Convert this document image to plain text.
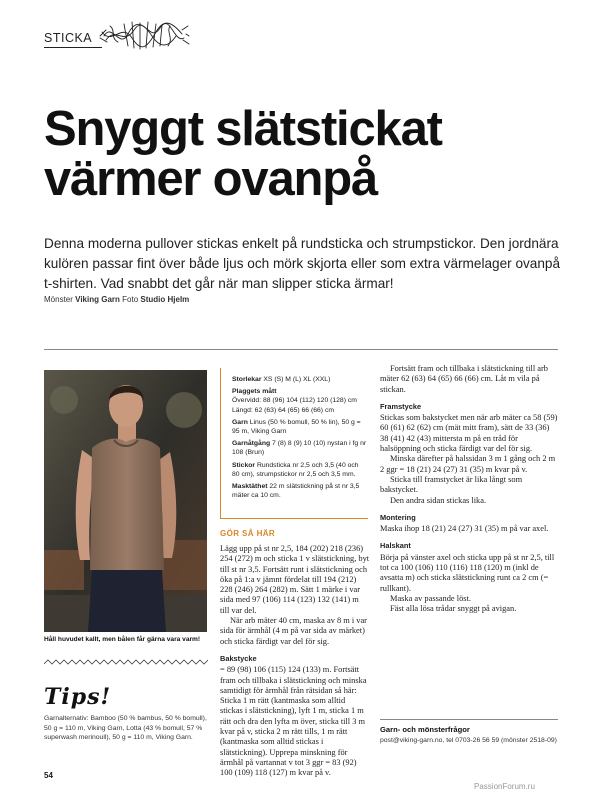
STICKA
Snyggt slätstickat
värmer ovanpå
Denna moderna pullover stickas enkelt på rundsticka och strumpstickor. Den jordnära kulören passar fint över både ljus och mörk skjorta eller som extra värmelager ovanpå t-shirten. Vad snabbt det går när man slipper sticka ärmar!
Mönster Viking Garn Foto Studio Hjelm
Håll huvudet kallt, men bålen får gärna vara varm!
Tips!
Garnalternativ: Bamboo (50 % bambus, 50 % bomull), 50 g = 110 m, Viking Garn, Lotta (43 % bomull, 57 % superwash merinoull), 50 g = 110 m, Viking Garn.
54
Storlekar XS (S) M (L) XL (XXL)
Plaggets mått
Övervidd: 88 (96) 104 (112) 120 (128) cm
Längd: 62 (63) 64 (65) 66 (66) cm
Garn Linus (50 % bomull, 50 % lin), 50 g = 95 m, Viking Garn
Garnåtgång 7 (8) 8 (9) 10 (10) nystan i fg nr 108 (Brun)
Stickor Rundsticka nr 2,5 och 3,5 (40 och 80 cm), strumpstickor nr 2,5 och 3,5 mm.
Masktäthet 22 m slätstickning på st nr 3,5 mäter ca 10 cm.
GÖR SÅ HÄR

Lägg upp på st nr 2,5, 184 (202) 218 (236) 254 (272) m och sticka 1 v slätstickning, byt till st nr 3,5. Fortsätt runt i slätstickning och öka på 1:a v jämnt fördelat till 194 (212) 228 (246) 264 (282) m. Sätt 1 märke i var sida med 97 (106) 114 (123) 132 (141) m till var del.

När arb mäter 40 cm, maska av 8 m i var sida för ärmhål (4 m på var sida av märket) och sticka färdigt var del för sig.

Bakstycke

= 89 (98) 106 (115) 124 (133) m. Fortsätt fram och tillbaka i slätstickning och minska samtidigt för ärmhål från rätsidan så här: Sticka 1 m rätt (kantmaska som alltid stickas i slätstickning), lyft 1 m, sticka 1 m rätt och dra den lyfta m över, sticka till 3 m kvar på v, sticka 2 m rätt tills, 1 m rätt (kantmaska som alltid stickas i slätstickning). Upprepa minskning för ärmhål på vartannat v tot 3 ggr = 83 (92) 100 (109) 118 (127) m kvar på v.

Fortsätt fram och tillbaka i slätstickning till arb mäter 62 (63) 64 (65) 66 (66) cm. Låt m vila på stickan.

Framstycke

Stickas som bakstycket men när arb mäter ca 58 (59) 60 (61) 62 (62) cm (mät mitt fram), sätt de 33 (36) 38 (41) 42 (43) mittersta m på en tråd för halsöppning och sticka färdigt var del för sig.

Minska därefter på halssidan 3 m 1 gång och 2 m 2 ggr = 18 (21) 24 (27) 31 (35) m kvar på v.

Sticka till framstycket är lika långt som bakstycket.

Den andra sidan stickas lika.

Montering

Maska ihop 18 (21) 24 (27) 31 (35) m på var axel.

Halskant

Börja på vänster axel och sticka upp på st nr 2,5, till tot ca 100 (106) 110 (116) 118 (120) m (inkl de avsatta m) och sticka slätstickning runt ca 2 cm (= rullkant).

Maska av passande löst.

Fäst alla lösa trådar snyggt på avigan.

Garn- och mönsterfrågor
post@viking-garn.no, tel 0703-26 56 59 (mönster 2518-09)
PassionForum.ru
